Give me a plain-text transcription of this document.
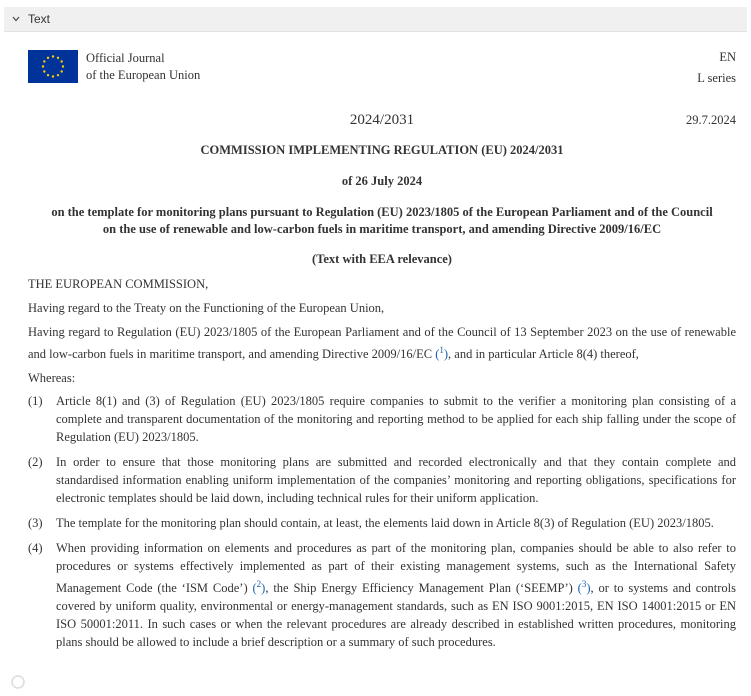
Text
Official Journal
of the European Union
EN
L series
2024/2031	29.7.2024
COMMISSION IMPLEMENTING REGULATION (EU) 2024/2031
of 26 July 2024
on the template for monitoring plans pursuant to Regulation (EU) 2023/1805 of the European Parliament and of the Council
on the use of renewable and low-carbon fuels in maritime transport, and amending Directive 2009/16/EC
(Text with EEA relevance)

THE EUROPEAN COMMISSION,

Having regard to the Treaty on the Functioning of the European Union,

Having regard to Regulation (EU) 2023/1805 of the European Parliament and of the Council of 13 September 2023 on the use of renewable and low-carbon fuels in maritime transport, and amending Directive 2009/16/EC ($^1$), and in particular Article 8(4) thereof,

Whereas:

(1)	Article 8(1) and (3) of Regulation (EU) 2023/1805 require companies to submit to the verifier a monitoring plan consisting of a complete and transparent documentation of the monitoring and reporting method to be applied for each ship falling under the scope of Regulation (EU) 2023/1805.
(2)	In order to ensure that those monitoring plans are submitted and recorded electronically and that they contain complete and standardised information enabling uniform implementation of the companies’ monitoring and reporting obligations, specifications for electronic templates should be laid down, including technical rules for their uniform application.
(3)	The template for the monitoring plan should contain, at least, the elements laid down in Article 8(3) of Regulation (EU) 2023/1805.
(4)	When providing information on elements and procedures as part of the monitoring plan, companies should be able to also refer to procedures or systems effectively implemented as part of their existing management systems, such as the International Safety Management Code (the ‘ISM Code’) ($^2$), the Ship Energy Efficiency Management Plan (‘SEEMP’) ($^3$), or to systems and controls covered by uniform quality, environmental or energy-management standards, such as EN ISO 9001:2015, EN ISO 14001:2015 or EN ISO 50001:2011. In such cases or when the relevant procedures are already described in established written procedures, monitoring plans should be allowed to include a brief description or a summary of such procedures.
